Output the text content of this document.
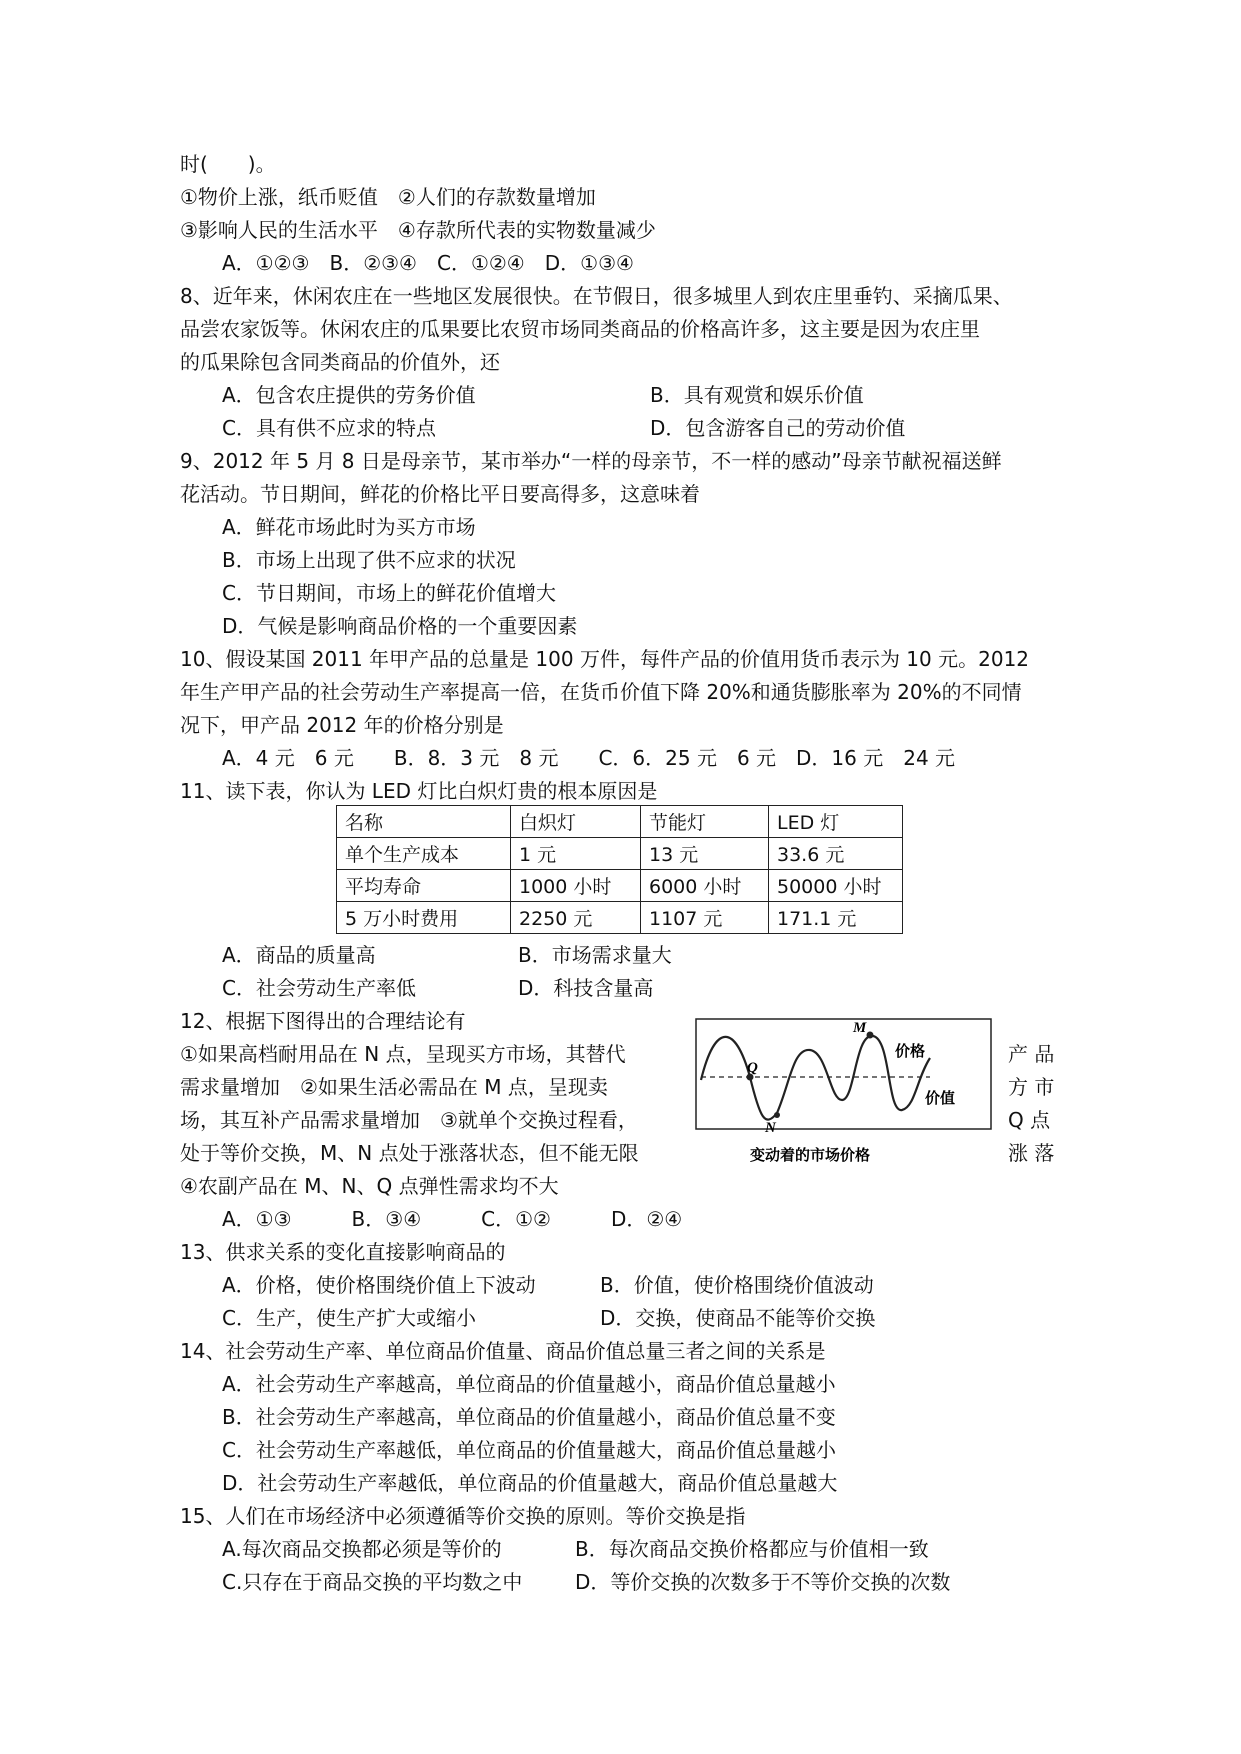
时(　　)。
①物价上涨，纸币贬值　②人们的存款数量增加
③影响人民的生活水平　④存款所代表的实物数量减少
A．①②③　B．②③④　C．①②④　D．①③④
8、近年来，休闲农庄在一些地区发展很快。在节假日，很多城里人到农庄里垂钓、采摘瓜果、
品尝农家饭等。休闲农庄的瓜果要比农贸市场同类商品的价格高许多，这主要是因为农庄里
的瓜果除包含同类商品的价值外，还
A．包含农庄提供的劳务价值	B．具有观赏和娱乐价值
C．具有供不应求的特点	D．包含游客自己的劳动价值
9、2012 年 5 月 8 日是母亲节，某市举办“一样的母亲节，不一样的感动”母亲节献祝福送鲜
花活动。节日期间，鲜花的价格比平日要高得多，这意味着
A．鲜花市场此时为买方市场
B．市场上出现了供不应求的状况
C．节日期间，市场上的鲜花价值增大
D．气候是影响商品价格的一个重要因素
10、假设某国 2011 年甲产品的总量是 100 万件，每件产品的价值用货币表示为 10 元。2012
年生产甲产品的社会劳动生产率提高一倍，在货币价值下降 20%和通货膨胀率为 20%的不同情
况下，甲产品 2012 年的价格分别是
A．4 元　6 元　　B．8．3 元　8 元　　C．6．25 元　6 元　D．16 元　24 元
11、读下表，你认为 LED 灯比白炽灯贵的根本原因是
名称	白炽灯	节能灯	LED 灯
单个生产成本	1 元	13 元	33.6 元
平均寿命	1000 小时	6000 小时	50000 小时
5 万小时费用	2250 元	1107 元	171.1 元
A．商品的质量高	B．市场需求量大
C．社会劳动生产率低	D．科技含量高
12、根据下图得出的合理结论有
①如果高档耐用品在 N 点，呈现买方市场，其替代	产 品
需求量增加　②如果生活必需品在 M 点，呈现卖	方 市
场，其互补产品需求量增加　③就单个交换过程看，	Q 点
处于等价交换，M、N 点处于涨落状态，但不能无限	涨 落
④农副产品在 M、N、Q 点弹性需求均不大
A．①③　　　B．③④　　　C．①②　　　D．②④
Q
M
N
价格
价值
变动着的市场价格
13、供求关系的变化直接影响商品的
A．价格，使价格围绕价值上下波动	B．价值，使价格围绕价值波动
C．生产，使生产扩大或缩小	D．交换，使商品不能等价交换
14、社会劳动生产率、单位商品价值量、商品价值总量三者之间的关系是
A．社会劳动生产率越高，单位商品的价值量越小，商品价值总量越小
B．社会劳动生产率越高，单位商品的价值量越小，商品价值总量不变
C．社会劳动生产率越低，单位商品的价值量越大，商品价值总量越小
D．社会劳动生产率越低，单位商品的价值量越大，商品价值总量越大
15、人们在市场经济中必须遵循等价交换的原则。等价交换是指
A.每次商品交换都必须是等价的	B．每次商品交换价格都应与价值相一致
C.只存在于商品交换的平均数之中	D．等价交换的次数多于不等价交换的次数
